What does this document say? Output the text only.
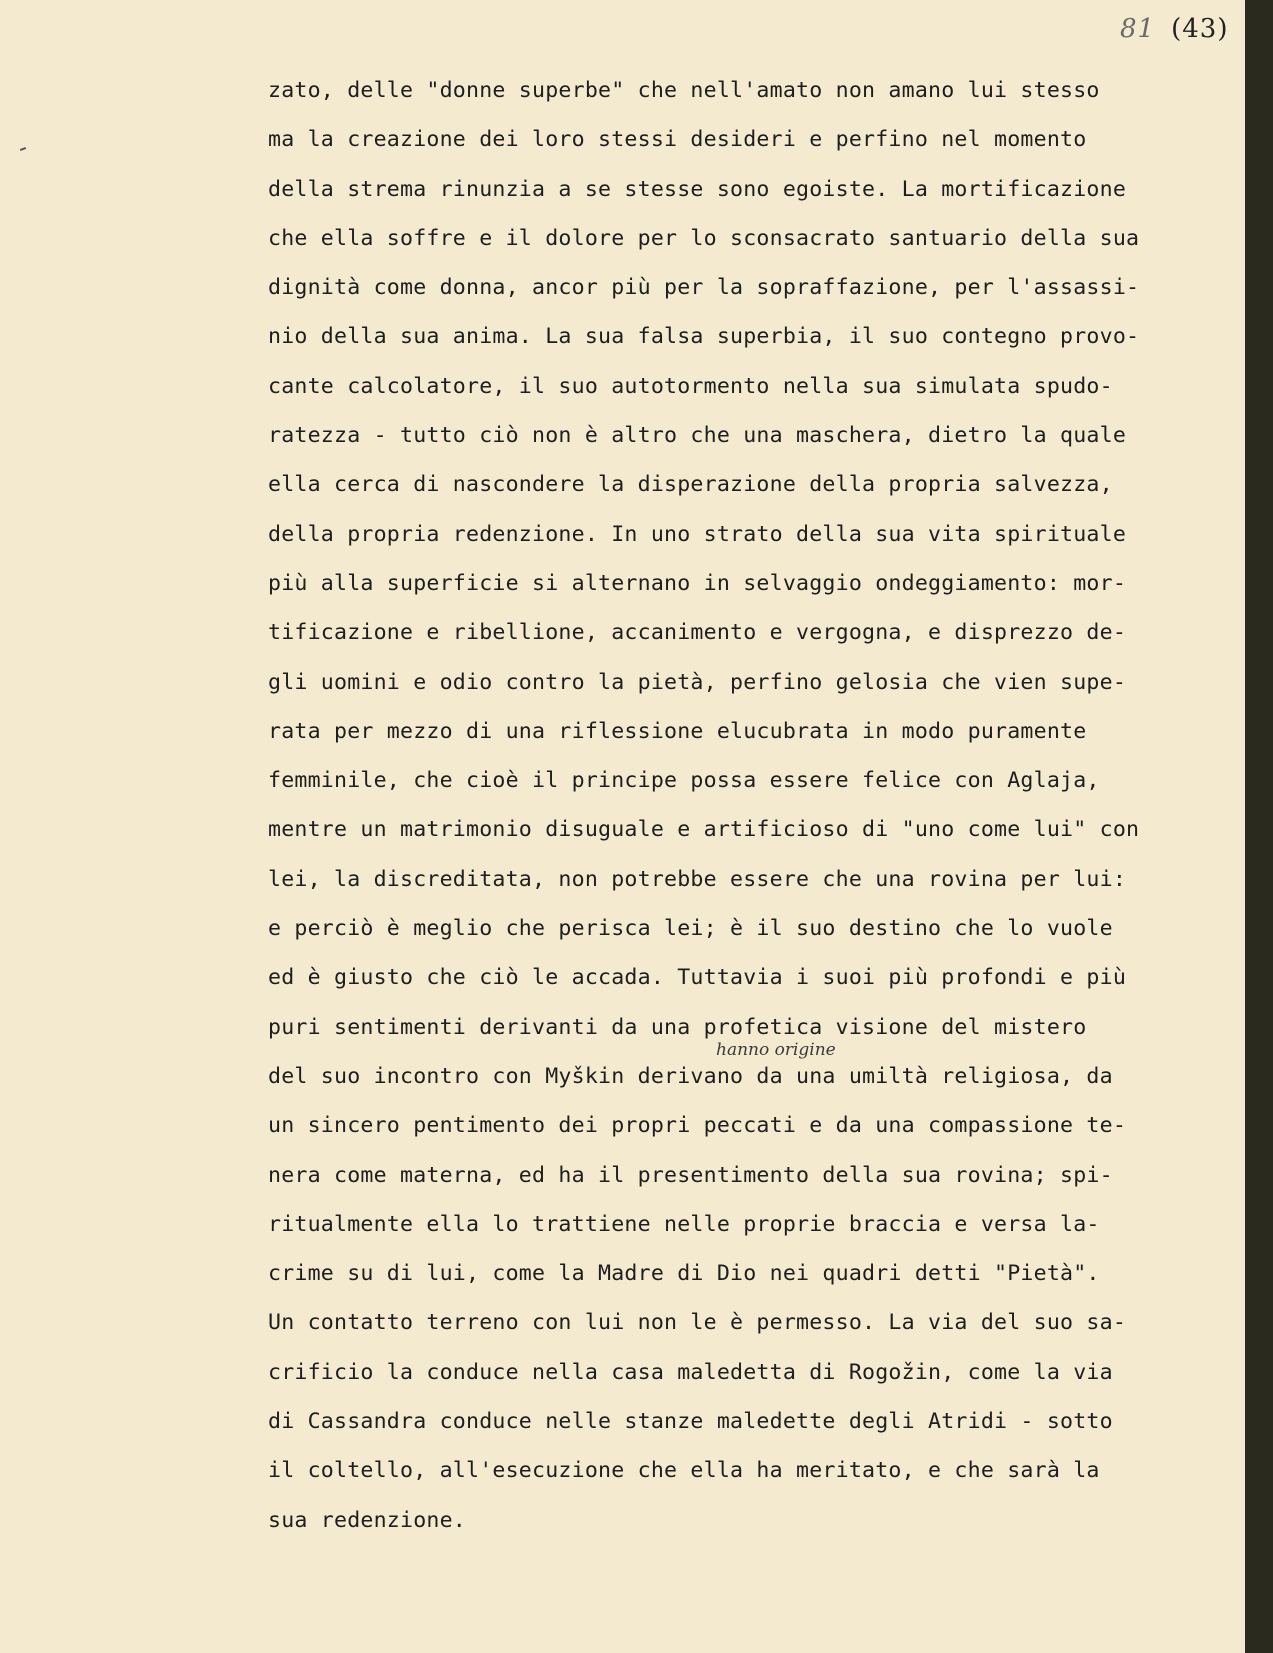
81 (43)
zato, delle "donne superbe" che nell'amato non amano lui stesso
ma la creazione dei loro stessi desideri e perfino nel momento
della strema rinunzia a se stesse sono egoiste. La mortificazione
che ella soffre e il dolore per lo sconsacrato santuario della sua
dignità come donna, ancor più per la sopraffazione, per l'assassi-
nio della sua anima. La sua falsa superbia, il suo contegno provo-
cante calcolatore, il suo autotormento nella sua simulata spudo-
ratezza - tutto ciò non è altro che una maschera, dietro la quale
ella cerca di nascondere la disperazione della propria salvezza,
della propria redenzione. In uno strato della sua vita spirituale
più alla superficie si alternano in selvaggio ondeggiamento: mor-
tificazione e ribellione, accanimento e vergogna, e disprezzo de-
gli uomini e odio contro la pietà, perfino gelosia che vien supe-
rata per mezzo di una riflessione elucubrata in modo puramente
femminile, che cioè il principe possa essere felice con Aglaja,
mentre un matrimonio disuguale e artificioso di "uno come lui" con
lei, la discreditata, non potrebbe essere che una rovina per lui:
e perciò è meglio che perisca lei; è il suo destino che lo vuole
ed è giusto che ciò le accada. Tuttavia i suoi più profondi e più
puri sentimenti derivanti da una profetica visione del mistero
del suo incontro con Myškin derivano da una umiltà religiosa, da
un sincero pentimento dei propri peccati e da una compassione te-
nera come materna, ed ha il presentimento della sua rovina; spi-
ritualmente ella lo trattiene nelle proprie braccia e versa la-
crime su di lui, come la Madre di Dio nei quadri detti "Pietà".
Un contatto terreno con lui non le è permesso. La via del suo sa-
crificio la conduce nella casa maledetta di Rogožin, come la via
di Cassandra conduce nelle stanze maledette degli Atridi - sotto
il coltello, all'esecuzione che ella ha meritato, e che sarà la
sua redenzione.
hanno origine
